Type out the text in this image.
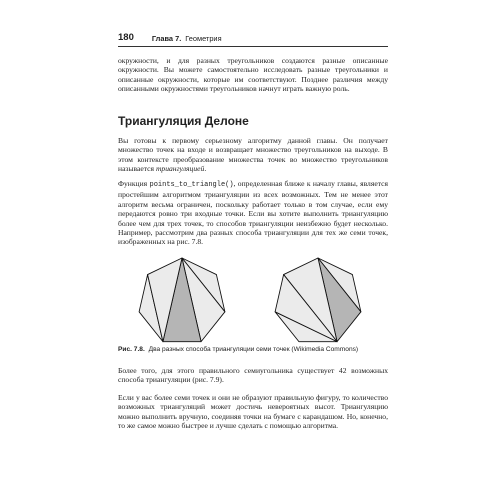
180 Глава 7. Геометрия

окружности, и для разных треугольников создаются разные описанные окружности. Вы можете самостоятельно исследовать разные треугольники и описанные окружности, которые им соответствуют. Позднее различия между описанными окружностями треугольников начнут играть важную роль.

Триангуляция Делоне

Вы готовы к первому серьезному алгоритму данной главы. Он получает множество точек на входе и возвращает множество треугольников на выходе. В этом контексте преобразование множества точек во множество треугольников называется триангуляцией.

Функция points_to_triangle(), определенная ближе к началу главы, является простейшим алгоритмом триангуляции из всех возможных. Тем не менее этот алгоритм весьма ограничен, поскольку работает только в том случае, если ему передаются ровно три входные точки. Если вы хотите выполнить триангуляцию более чем для трех точек, то способов триангуляции неизбежно будет несколько. Например, рассмотрим два разных способа триангуляции для тех же семи точек, изображенных на рис. 7.8.

Рис. 7.8. Два разных способа триангуляции семи точек (Wikimedia Commons)

Более того, для этого правильного семиугольника существует 42 возможных способа триангуляции (рис. 7.9).

Если у вас более семи точек и они не образуют правильную фигуру, то количество возможных триангуляций может достичь невероятных высот. Триангуляцию можно выполнить вручную, соединяя точки на бумаге с карандашом. Но, конечно, то же самое можно быстрее и лучше сделать с помощью алгоритма.
